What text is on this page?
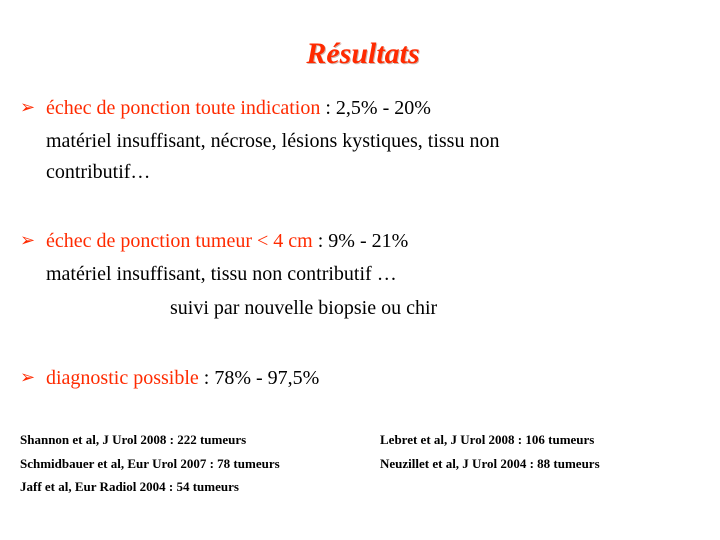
Résultats
➢ échec de ponction toute indication : 2,5% - 20%
matériel insuffisant, nécrose, lésions kystiques, tissu non
contributif…
➢ échec de ponction tumeur < 4 cm : 9% - 21%
matériel insuffisant, tissu non contributif …
suivi par nouvelle biopsie ou chir
➢ diagnostic possible : 78% - 97,5%
Shannon et al, J Urol 2008 : 222 tumeurs
Schmidbauer et al, Eur Urol 2007 : 78 tumeurs
Jaff et al, Eur Radiol 2004 : 54 tumeurs
Lebret et al, J Urol 2008 : 106 tumeurs
Neuzillet et al, J Urol 2004 : 88 tumeurs
